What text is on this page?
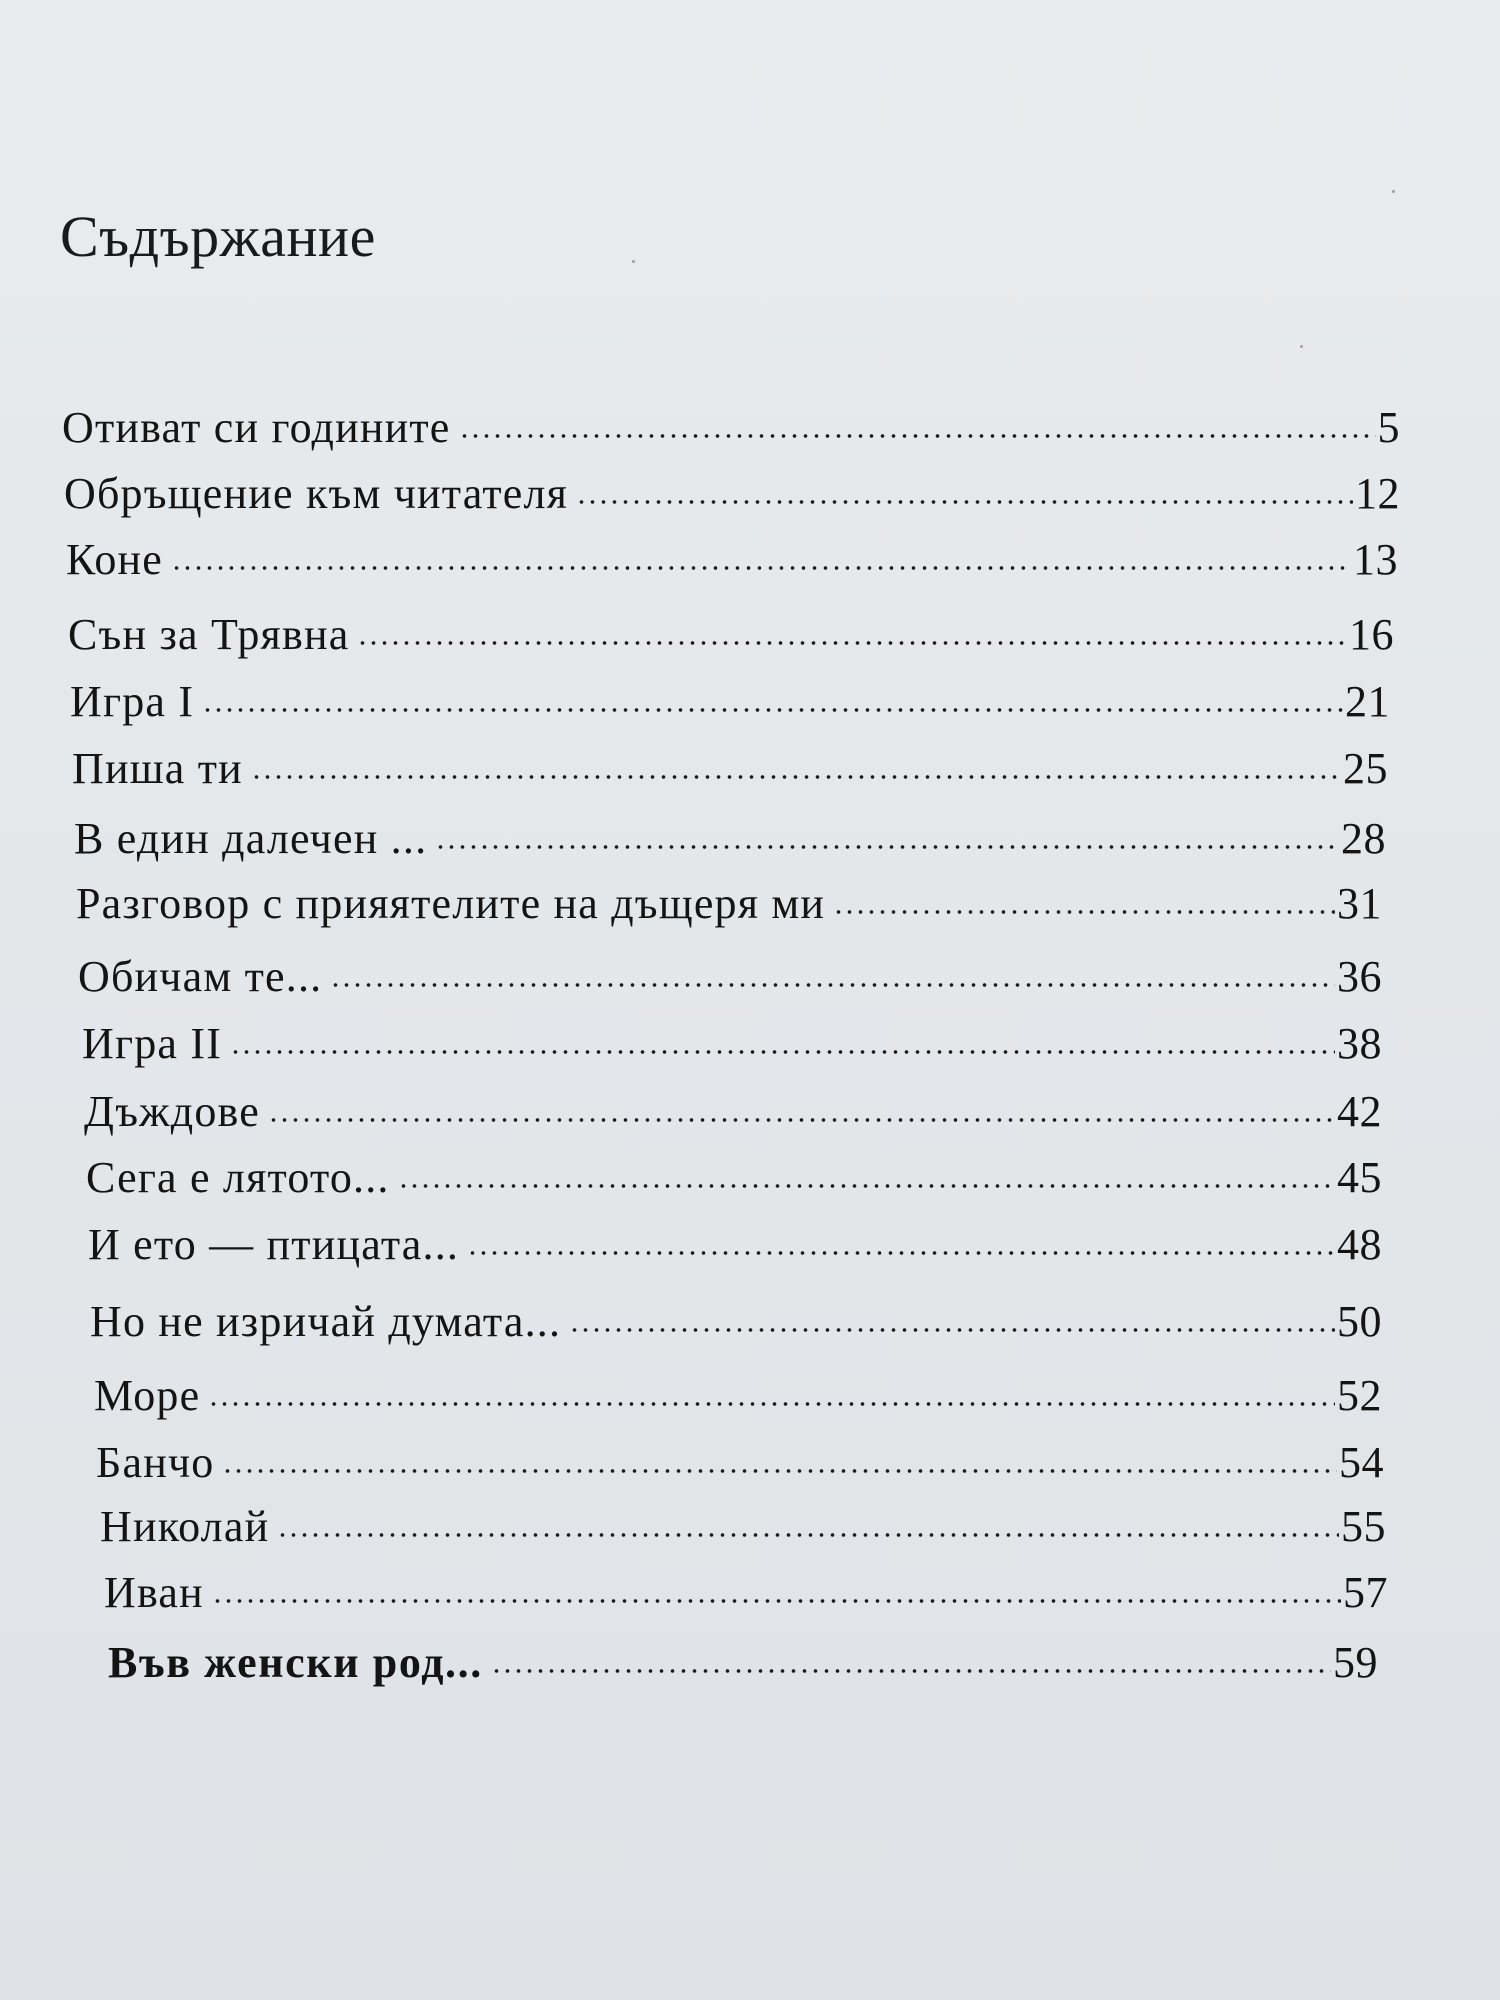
Съдържание
Отиват си годините	5
Обръщение към читателя	12
Коне	13
Сън за Трявна	16
Игра I	21
Пиша ти	25
В един далечен ...	28
Разговор с прияятелите на дъщеря ми	31
Обичам те...	36
Игра II	38
Дъждове	42
Сега е лятото...	45
И ето — птицата...	48
Но не изричай думата...	50
Море	52
Банчо	54
Николай	55
Иван	57
Във женски род...	59
